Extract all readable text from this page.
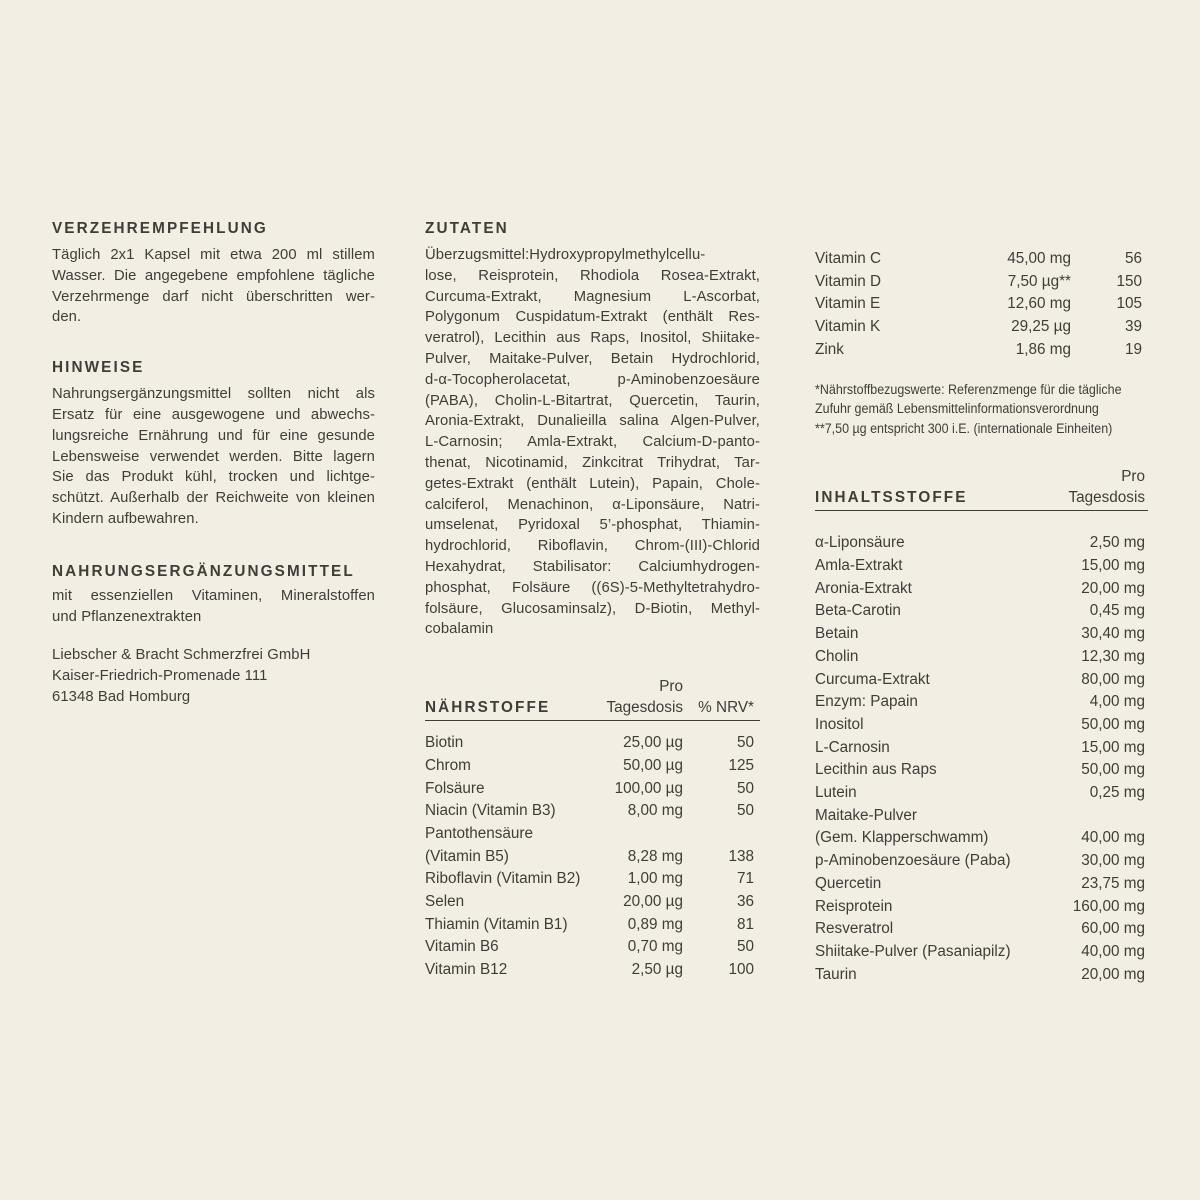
VERZEHREMPFEHLUNG
Täglich 2x1 Kapsel mit etwa 200 ml stillem
Wasser. Die angegebene empfohlene tägliche
Verzehrmenge darf nicht überschritten wer-
den.
HINWEISE
Nahrungsergänzungsmittel sollten nicht als
Ersatz für eine ausgewogene und abwechs-
lungsreiche Ernährung und für eine gesunde
Lebensweise verwendet werden. Bitte lagern
Sie das Produkt kühl, trocken und lichtge-
schützt. Außerhalb der Reichweite von kleinen
Kindern aufbewahren.
NAHRUNGSERGÄNZUNGSMITTEL
mit essenziellen Vitaminen, Mineralstoffen
und Pflanzenextrakten
Liebscher & Bracht Schmerzfrei GmbH
Kaiser-Friedrich-Promenade 111
61348 Bad Homburg
ZUTATEN
Überzugsmittel:Hydroxypropylmethylcellu-
lose, Reisprotein, Rhodiola Rosea-Extrakt,
Curcuma-Extrakt, Magnesium L-Ascorbat,
Polygonum Cuspidatum-Extrakt (enthält Res-
veratrol), Lecithin aus Raps, Inositol, Shiitake-
Pulver, Maitake-Pulver, Betain Hydrochlorid,
d-α-Tocopherolacetat, p-Aminobenzoesäure
(PABA), Cholin-L-Bitartrat, Quercetin, Taurin,
Aronia-Extrakt, Dunalieilla salina Algen-Pulver,
L-Carnosin; Amla-Extrakt, Calcium-D-panto-
thenat, Nicotinamid, Zinkcitrat Trihydrat, Tar-
getes-Extrakt (enthält Lutein), Papain, Chole-
calciferol, Menachinon, α-Liponsäure, Natri-
umselenat, Pyridoxal 5’-phosphat, Thiamin-
hydrochlorid, Riboflavin, Chrom-(III)-Chlorid
Hexahydrat, Stabilisator: Calciumhydrogen-
phosphat, Folsäure ((6S)-5-Methyltetrahydro-
folsäure, Glucosaminsalz), D-Biotin, Methyl-
cobalamin
NÄHRSTOFFE
Pro
Tagesdosis % NRV*
Biotin	25,00 µg	50
Chrom	50,00 µg	125
Folsäure	100,00 µg	50
Niacin (Vitamin B3)	8,00 mg	50
Pantothensäure
(Vitamin B5)	8,28 mg	138
Riboflavin (Vitamin B2)	1,00 mg	71
Selen	20,00 µg	36
Thiamin (Vitamin B1)	0,89 mg	81
Vitamin B6	0,70 mg	50
Vitamin B12	2,50 µg	100
Vitamin C	45,00 mg	56
Vitamin D	7,50 µg**	150
Vitamin E	12,60 mg	105
Vitamin K	29,25 µg	39
Zink	1,86 mg	19
*Nährstoffbezugswerte: Referenzmenge für die tägliche
Zufuhr gemäß Lebensmittelinformationsverordnung
**7,50 µg entspricht 300 i.E. (internationale Einheiten)
INHALTSSTOFFE
Pro
Tagesdosis
α-Liponsäure	2,50 mg
Amla-Extrakt	15,00 mg
Aronia-Extrakt	20,00 mg
Beta-Carotin	0,45 mg
Betain	30,40 mg
Cholin	12,30 mg
Curcuma-Extrakt	80,00 mg
Enzym: Papain	4,00 mg
Inositol	50,00 mg
L-Carnosin	15,00 mg
Lecithin aus Raps	50,00 mg
Lutein	0,25 mg
Maitake-Pulver
(Gem. Klapperschwamm)	40,00 mg
p-Aminobenzoesäure (Paba)	30,00 mg
Quercetin	23,75 mg
Reisprotein	160,00 mg
Resveratrol	60,00 mg
Shiitake-Pulver (Pasaniapilz)	40,00 mg
Taurin	20,00 mg
